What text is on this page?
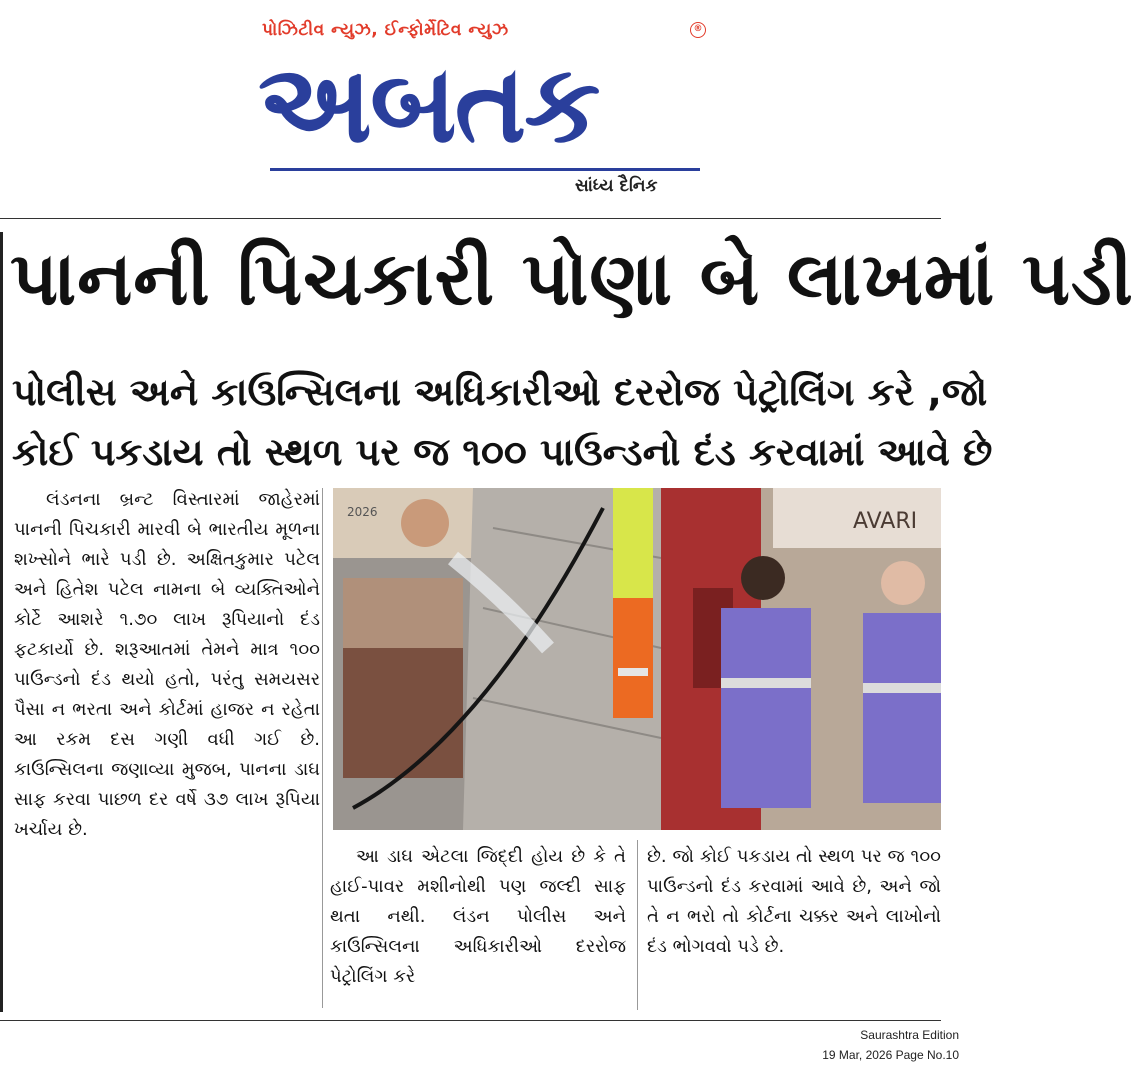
પોઝિટીવ ન્યુઝ, ઈન્ફોર્મેટિવ ન્યુઝ	®
અબતક
સાંધ્ય દૈનિક
પાનની પિચકારી પોણા બે લાખમાં પડી
પોલીસ અને કાઉન્સિલના અધિકારીઓ દરરોજ પેટ્રોલિંગ કરે ,જો
કોઈ પકડાય તો સ્થળ પર જ ૧૦૦ પાઉન્ડનો દંડ કરવામાં આવે છે

લંડનના બ્રન્ટ વિસ્તારમાં જાહેરમાં પાનની પિચકારી મારવી બે ભારતીય મૂળના શખ્સોને ભારે પડી છે. અક્ષિતકુમાર પટેલ અને હિતેશ પટેલ નામના બે વ્યક્તિઓને કોર્ટે આશરે ૧.૭૦ લાખ રૂપિયાનો દંડ ફટકાર્યો છે. શરૂઆતમાં તેમને માત્ર ૧૦૦ પાઉન્ડનો દંડ થયો હતો, પરંતુ સમયસર પૈસા ન ભરતા અને કોર્ટમાં હાજર ન રહેતા આ રકમ દસ ગણી વધી ગઈ છે. કાઉન્સિલના જણાવ્યા મુજબ, પાનના ડાઘ સાફ કરવા પાછળ દર વર્ષે ૩૭ લાખ રૂપિયા ખર્ચાય છે.

AVARI
2026

આ ડાઘ એટલા જિદ્દી હોય છે કે તે હાઈ-પાવર મશીનોથી પણ જલ્દી સાફ થતા નથી. લંડન પોલીસ અને કાઉન્સિલના અધિકારીઓ દરરોજ પેટ્રોલિંગ કરે

છે. જો કોઈ પકડાય તો સ્થળ પર જ ૧૦૦ પાઉન્ડનો દંડ કરવામાં આવે છે, અને જો તે ન ભરો તો કોર્ટના ચક્કર અને લાખોનો દંડ ભોગવવો પડે છે.

Saurashtra Edition
19 Mar, 2026 Page No.10
